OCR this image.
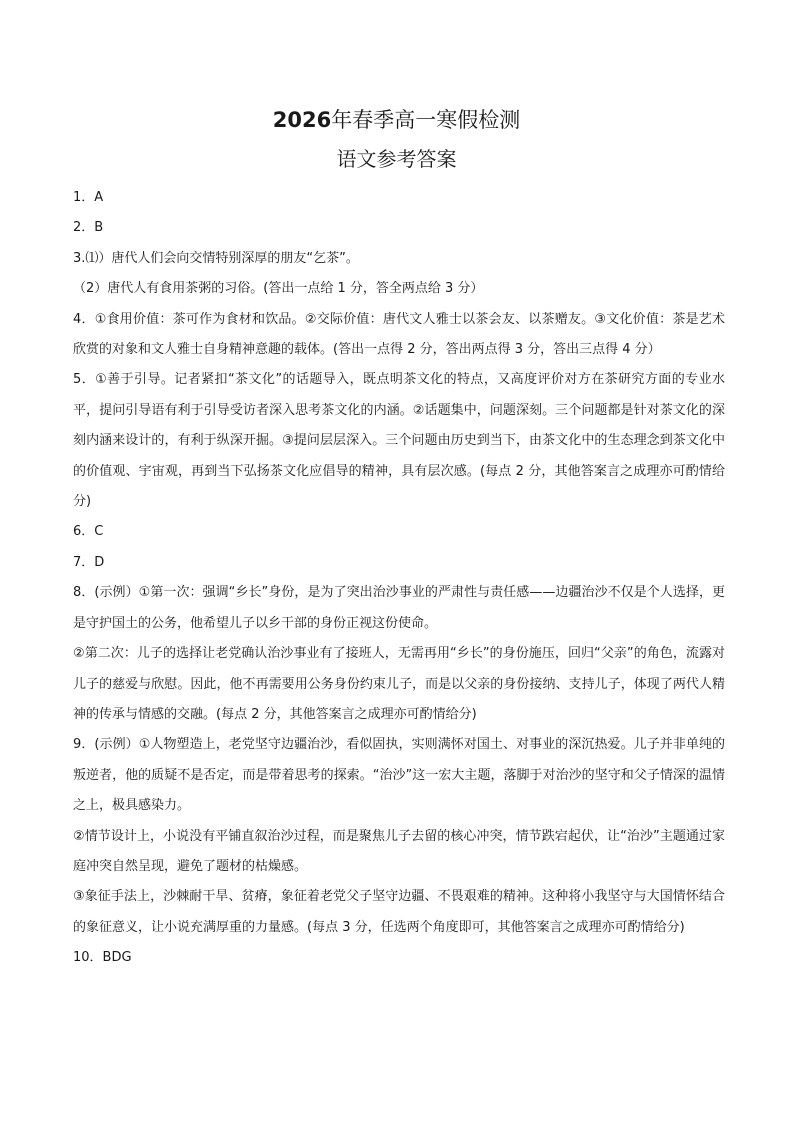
2026年春季高一寒假检测
语文参考答案

1．A

2．B

3.⑴）唐代人们会向交情特别深厚的朋友“乞茶”。

（2）唐代人有食用茶粥的习俗。(答出一点给 1 分，答全两点给 3 分）

4．①食用价值：茶可作为食材和饮品。②交际价值：唐代文人雅士以茶会友、以茶赠友。③文化价值：茶是艺术欣赏的对象和文人雅士自身精神意趣的载体。(答出一点得 2 分，答出两点得 3 分，答出三点得 4 分）

5．①善于引导。记者紧扣“茶文化”的话题导入，既点明茶文化的特点，又高度评价对方在茶研究方面的专业水平，提问引导语有利于引导受访者深入思考茶文化的内涵。②话题集中，问题深刻。三个问题都是针对茶文化的深刻内涵来设计的，有利于纵深开掘。③提问层层深入。三个问题由历史到当下，由茶文化中的生态理念到茶文化中的价值观、宇宙观，再到当下弘扬茶文化应倡导的精神，具有层次感。(每点 2 分，其他答案言之成理亦可酌情给分)

6．C

7．D

8．(示例）①第一次：强调“乡长”身份，是为了突出治沙事业的严肃性与责任感——边疆治沙不仅是个人选择，更是守护国土的公务，他希望儿子以乡干部的身份正视这份使命。

②第二次：儿子的选择让老党确认治沙事业有了接班人，无需再用“乡长”的身份施压，回归“父亲”的角色，流露对儿子的慈爱与欣慰。因此，他不再需要用公务身份约束儿子，而是以父亲的身份接纳、支持儿子，体现了两代人精神的传承与情感的交融。(每点 2 分，其他答案言之成理亦可酌情给分)

9．(示例）①人物塑造上，老党坚守边疆治沙，看似固执，实则满怀对国土、对事业的深沉热爱。儿子并非单纯的叛逆者，他的质疑不是否定，而是带着思考的探索。“治沙”这一宏大主题，落脚于对治沙的坚守和父子情深的温情之上，极具感染力。

②情节设计上，小说没有平铺直叙治沙过程，而是聚焦儿子去留的核心冲突，情节跌宕起伏，让“治沙”主题通过家庭冲突自然呈现，避免了题材的枯燥感。

③象征手法上，沙棘耐干旱、贫瘠，象征着老党父子坚守边疆、不畏艰难的精神。这种将小我坚守与大国情怀结合的象征意义，让小说充满厚重的力量感。(每点 3 分，任选两个角度即可，其他答案言之成理亦可酌情给分)

10．BDG
